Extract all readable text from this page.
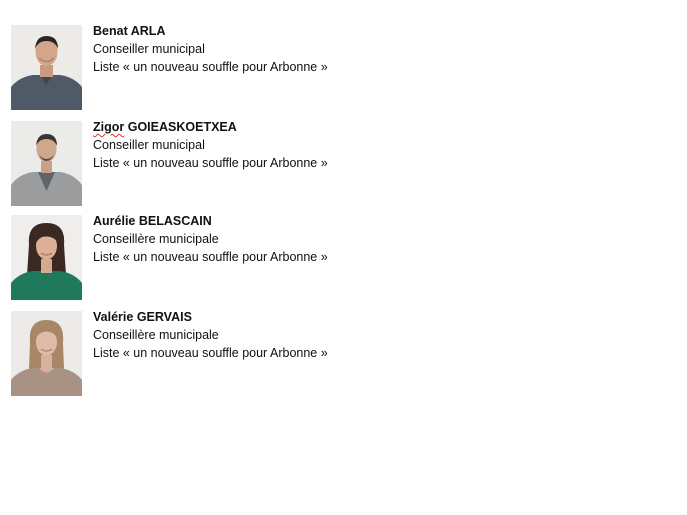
Benat ARLA
Conseiller municipal
Liste « un nouveau souffle pour Arbonne »
Zigor GOIEASKOETXEA
Conseiller municipal
Liste « un nouveau souffle pour Arbonne »
Aurélie BELASCAIN
Conseillère municipale
Liste « un nouveau souffle pour Arbonne »
Valérie GERVAIS
Conseillère municipale
Liste « un nouveau souffle pour Arbonne »
